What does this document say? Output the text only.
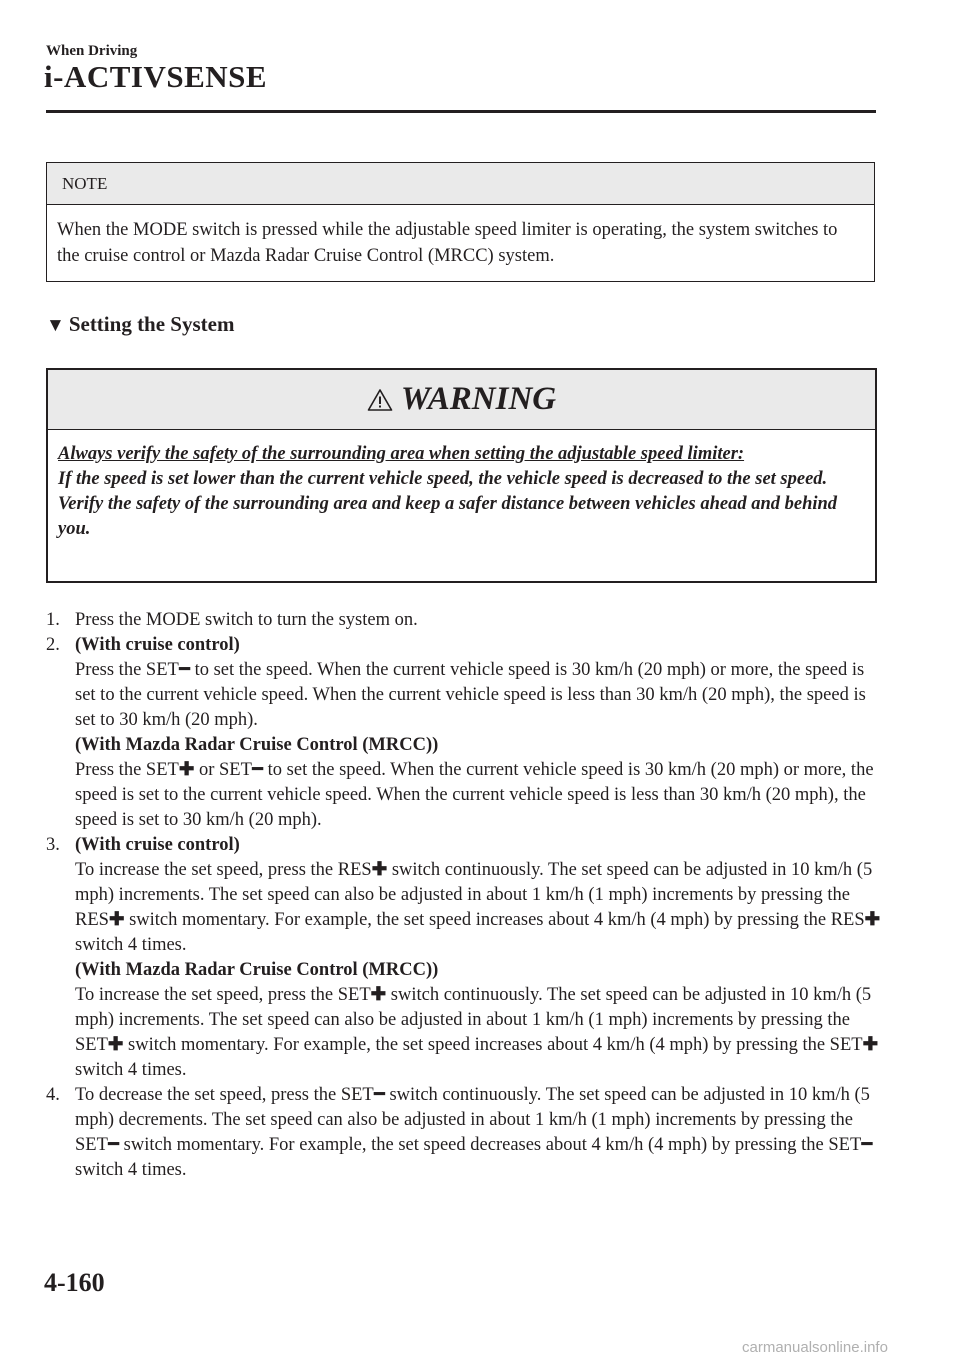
When Driving
i-ACTIVSENSE
NOTE
When the MODE switch is pressed while the adjustable speed limiter is operating, the system switches to the cruise control or Mazda Radar Cruise Control (MRCC) system.
▼ Setting the System
WARNING
Always verify the safety of the surrounding area when setting the adjustable speed limiter:
If the speed is set lower than the current vehicle speed, the vehicle speed is decreased to the set speed. Verify the safety of the surrounding area and keep a safer distance between vehicles ahead and behind you.
1. Press the MODE switch to turn the system on.
2. (With cruise control)
Press the SET━ to set the speed. When the current vehicle speed is 30 km/h (20 mph) or more, the speed is set to the current vehicle speed. When the current vehicle speed is less than 30 km/h (20 mph), the speed is set to 30 km/h (20 mph).
(With Mazda Radar Cruise Control (MRCC))
Press the SET✚ or SET━ to set the speed. When the current vehicle speed is 30 km/h (20 mph) or more, the speed is set to the current vehicle speed. When the current vehicle speed is less than 30 km/h (20 mph), the speed is set to 30 km/h (20 mph).
3. (With cruise control)
To increase the set speed, press the RES✚ switch continuously. The set speed can be adjusted in 10 km/h (5 mph) increments. The set speed can also be adjusted in about 1 km/h (1 mph) increments by pressing the RES✚ switch momentary. For example, the set speed increases about 4 km/h (4 mph) by pressing the RES✚ switch 4 times.
(With Mazda Radar Cruise Control (MRCC))
To increase the set speed, press the SET✚ switch continuously. The set speed can be adjusted in 10 km/h (5 mph) increments. The set speed can also be adjusted in about 1 km/h (1 mph) increments by pressing the SET✚ switch momentary. For example, the set speed increases about 4 km/h (4 mph) by pressing the SET✚ switch 4 times.
4. To decrease the set speed, press the SET━ switch continuously. The set speed can be adjusted in 10 km/h (5 mph) decrements. The set speed can also be adjusted in about 1 km/h (1 mph) increments by pressing the SET━ switch momentary. For example, the set speed decreases about 4 km/h (4 mph) by pressing the SET━ switch 4 times.
4-160
carmanualsonline.info
